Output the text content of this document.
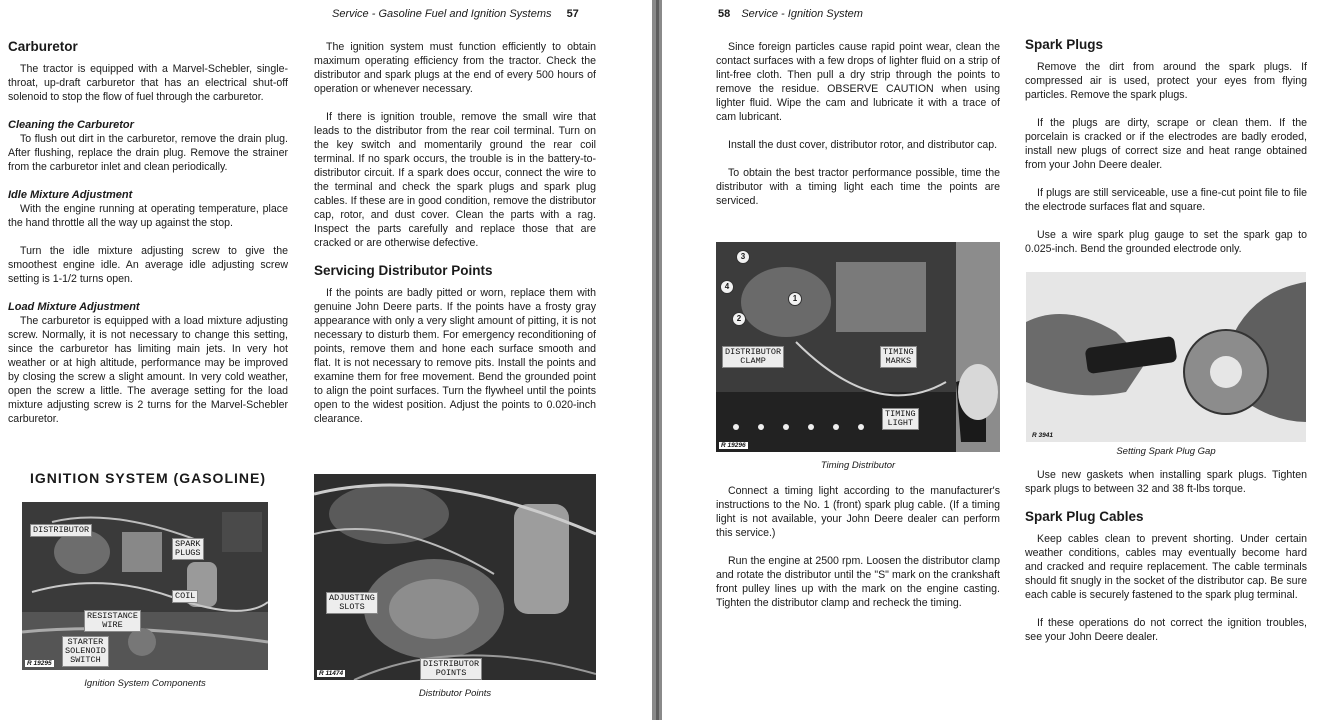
Service - Gasoline Fuel and Ignition Systems 57
Carburetor

The tractor is equipped with a Marvel-Schebler, single-throat, up-draft carburetor that has an electrical shut-off solenoid to stop the flow of fuel through the carburetor.

Cleaning the Carburetor

To flush out dirt in the carburetor, remove the drain plug. After flushing, replace the drain plug. Remove the strainer from the carburetor inlet and clean periodically.

Idle Mixture Adjustment

With the engine running at operating temperature, place the hand throttle all the way up against the stop.

Turn the idle mixture adjusting screw to give the smoothest engine idle. An average idle adjusting screw setting is 1-1/2 turns open.

Load Mixture Adjustment

The carburetor is equipped with a load mixture adjusting screw. Normally, it is not necessary to change this setting, since the carburetor has limiting main jets. In very hot weather or at high altitude, performance may be improved by closing the screw a slight amount. In very cold weather, open the screw a little. The average setting for the load mixture adjusting screw is 2 turns for the Marvel-Schebler carburetor.

IGNITION SYSTEM (GASOLINE)
DISTRIBUTOR
SPARK
PLUGS
COIL
RESISTANCE
WIRE
STARTER
SOLENOID
SWITCH
R 19295
Ignition System Components

The ignition system must function efficiently to obtain maximum operating efficiency from the tractor. Check the distributor and spark plugs at the end of every 500 hours of operation or whenever necessary.

If there is ignition trouble, remove the small wire that leads to the distributor from the rear coil terminal. Turn on the key switch and momentarily ground the rear coil terminal. If no spark occurs, the trouble is in the battery-to-distributor circuit. If a spark does occur, connect the wire to the terminal and check the spark plugs and spark plug cables. If these are in good condition, remove the distributor cap, rotor, and dust cover. Clean the parts with a rag. Inspect the parts carefully and replace those that are cracked or are otherwise defective.

Servicing Distributor Points

If the points are badly pitted or worn, replace them with genuine John Deere parts. If the points have a frosty gray appearance with only a very slight amount of pitting, it is not necessary to disturb them. For emergency reconditioning of points, remove them and hone each surface smooth and flat. It is not necessary to remove pits. Install the points and examine them for free movement. Bend the grounded point to align the point surfaces. Turn the flywheel until the points open to the widest position. Adjust the points to 0.020-inch clearance.

ADJUSTING
SLOTS
DISTRIBUTOR
POINTS
R 11474
Distributor Points
58 Service - Ignition System

Since foreign particles cause rapid point wear, clean the contact surfaces with a few drops of lighter fluid on a strip of lint-free cloth. Then pull a dry strip through the points to remove the residue. OBSERVE CAUTION when using lighter fluid. Wipe the cam and lubricate it with a trace of cam lubricant.

Install the dust cover, distributor rotor, and distributor cap.

To obtain the best tractor performance possible, time the distributor with a timing light each time the points are serviced.

3
4
1
2
DISTRIBUTOR
CLAMP
TIMING
MARKS
TIMING
LIGHT
R 19296
Timing Distributor

Connect a timing light according to the manufacturer's instructions to the No. 1 (front) spark plug cable. (If a timing light is not available, your John Deere dealer can perform this service.)

Run the engine at 2500 rpm. Loosen the distributor clamp and rotate the distributor until the "S" mark on the crankshaft front pulley lines up with the mark on the engine casting. Tighten the distributor clamp and recheck the timing.

Spark Plugs

Remove the dirt from around the spark plugs. If compressed air is used, protect your eyes from flying particles. Remove the spark plugs.

If the plugs are dirty, scrape or clean them. If the porcelain is cracked or if the electrodes are badly eroded, install new plugs of correct size and heat range obtained from your John Deere dealer.

If plugs are still serviceable, use a fine-cut point file to file the electrode surfaces flat and square.

Use a wire spark plug gauge to set the spark gap to 0.025-inch. Bend the grounded electrode only.

R 3941
Setting Spark Plug Gap

Use new gaskets when installing spark plugs. Tighten spark plugs to between 32 and 38 ft-lbs torque.

Spark Plug Cables

Keep cables clean to prevent shorting. Under certain weather conditions, cables may eventually become hard and cracked and require replacement. The cable terminals should fit snugly in the socket of the distributor cap. Be sure each cable is securely fastened to the spark plug terminal.

If these operations do not correct the ignition troubles, see your John Deere dealer.
